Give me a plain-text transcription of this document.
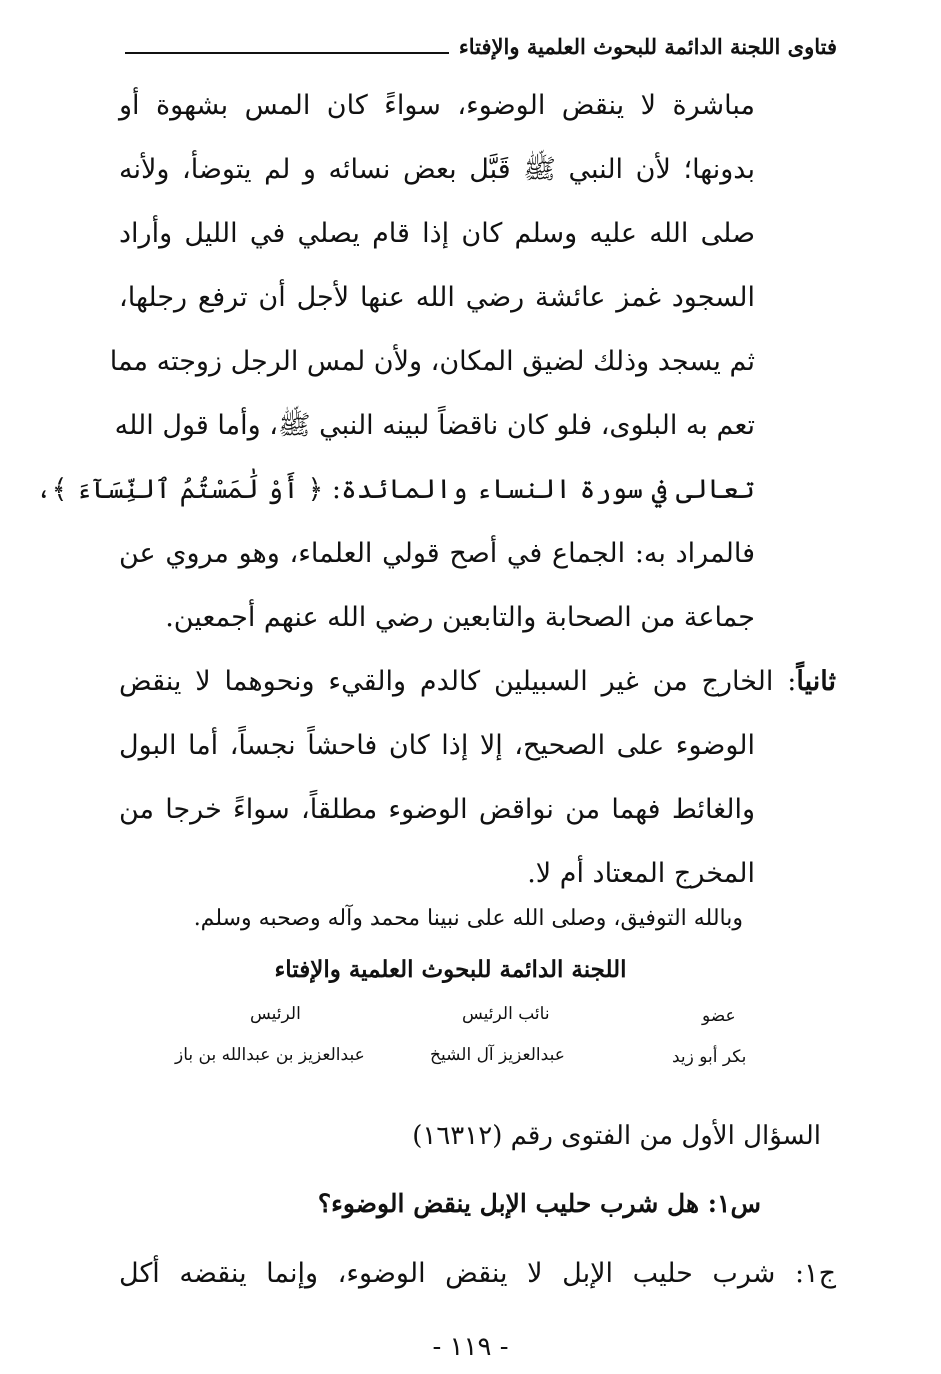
فتاوى اللجنة الدائمة للبحوث العلمية والإفتاء
مباشرة لا ينقض الوضوء، سواءً كان المس بشهوة أو
بدونها؛ لأن النبي ﷺ قَبَّل بعض نسائه و لم يتوضأ، ولأنه
صلى الله عليه وسلم كان إذا قام يصلي في الليل وأراد
السجود غمز عائشة رضي الله عنها لأجل أن ترفع رجلها،
ثم يسجد وذلك لضيق المكان، ولأن لمس الرجل زوجته مما
تعم به البلوى، فلو كان ناقضاً لبينه النبي ﷺ، وأما قول الله
تعالى في سورة النساء والمائدة: ﴿ أَوْ لَٰمَسْتُمُ ٱلنِّسَآءَ ﴾،
فالمراد به: الجماع في أصح قولي العلماء، وهو مروي عن
جماعة من الصحابة والتابعين رضي الله عنهم أجمعين.
ثانياً: الخارج من غير السبيلين كالدم والقيء ونحوهما لا ينقض
الوضوء على الصحيح، إلا إذا كان فاحشاً نجساً، أما البول
والغائط فهما من نواقض الوضوء مطلقاً، سواءً خرجا من
المخرج المعتاد أم لا.
وبالله التوفيق، وصلى الله على نبينا محمد وآله وصحبه وسلم.
اللجنة الدائمة للبحوث العلمية والإفتاء
الرئيس	نائب الرئيس	عضو
عبدالعزيز بن عبدالله بن باز	عبدالعزيز آل الشيخ	بكر أبو زيد
السؤال الأول من الفتوى رقم (١٦٣١٢)
س١: هل شرب حليب الإبل ينقض الوضوء؟
ج١: شرب حليب الإبل لا ينقض الوضوء، وإنما ينقضه أكل
- ١١٩ -
